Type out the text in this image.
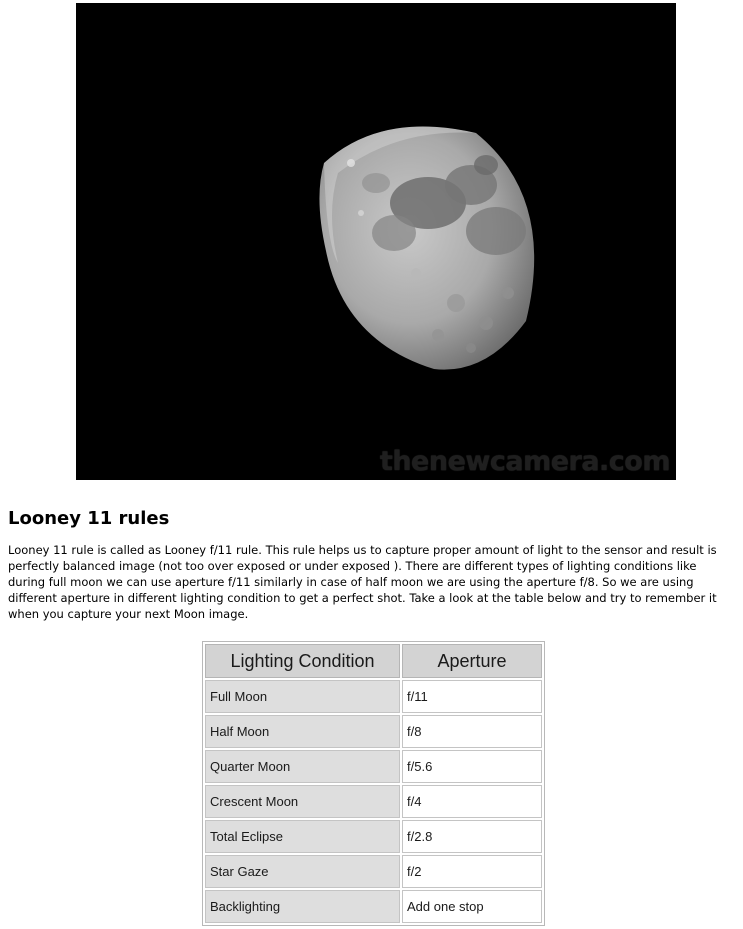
thenewcamera.com
Looney 11 rules

Looney 11 rule is called as Looney f/11 rule. This rule helps us to capture proper amount of light to the sensor and result is perfectly balanced image (not too over exposed or under exposed ). There are different types of lighting conditions like during full moon we can use aperture f/11 similarly in case of half moon we are using the aperture f/8. So we are using different aperture in different lighting condition to get a perfect shot. Take a look at the table below and try to remember it when you capture your next Moon image.

Lighting Condition	Aperture
Full Moon	f/11
Half Moon	f/8
Quarter Moon	f/5.6
Crescent Moon	f/4
Total Eclipse	f/2.8
Star Gaze	f/2
Backlighting	Add one stop
